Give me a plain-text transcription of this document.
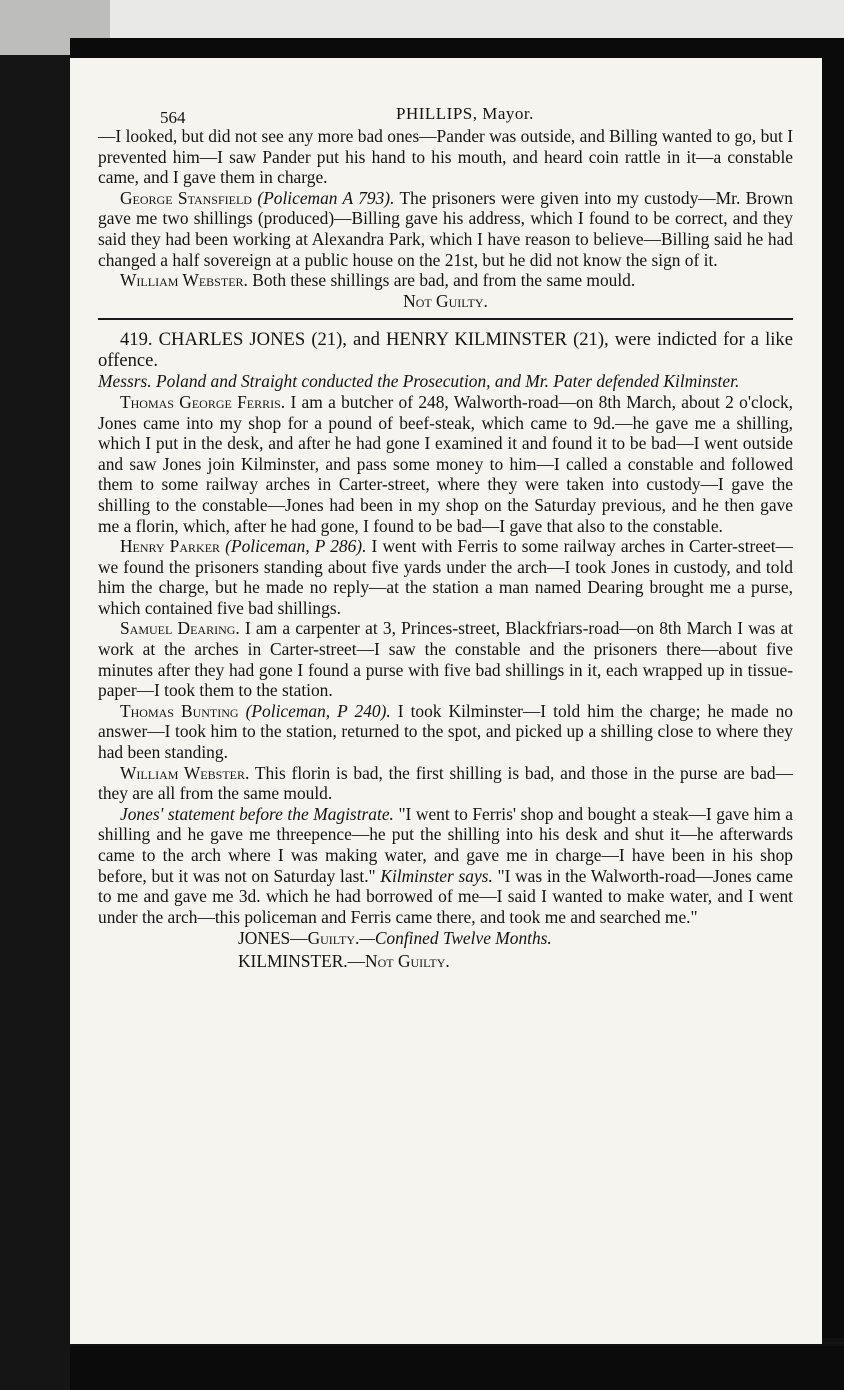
564	PHILLIPS, Mayor.

—I looked, but did not see any more bad ones—Pander was outside, and Billing wanted to go, but I prevented him—I saw Pander put his hand to his mouth, and heard coin rattle in it—a constable came, and I gave them in charge.

George Stansfield (Policeman A 793). The prisoners were given into my custody—Mr. Brown gave me two shillings (produced)—Billing gave his address, which I found to be correct, and they said they had been working at Alexandra Park, which I have reason to believe—Billing said he had changed a half sovereign at a public house on the 21st, but he did not know the sign of it.

William Webster. Both these shillings are bad, and from the same mould.

Not Guilty.

419. CHARLES JONES (21), and HENRY KILMINSTER (21), were indicted for a like offence.

Messrs. Poland and Straight conducted the Prosecution, and Mr. Pater defended Kilminster.

Thomas George Ferris. I am a butcher of 248, Walworth-road—on 8th March, about 2 o'clock, Jones came into my shop for a pound of beef-steak, which came to 9d.—he gave me a shilling, which I put in the desk, and after he had gone I examined it and found it to be bad—I went outside and saw Jones join Kilminster, and pass some money to him—I called a constable and followed them to some railway arches in Carter-street, where they were taken into custody—I gave the shilling to the constable—Jones had been in my shop on the Saturday previous, and he then gave me a florin, which, after he had gone, I found to be bad—I gave that also to the constable.

Henry Parker (Policeman, P 286). I went with Ferris to some railway arches in Carter-street—we found the prisoners standing about five yards under the arch—I took Jones in custody, and told him the charge, but he made no reply—at the station a man named Dearing brought me a purse, which contained five bad shillings.

Samuel Dearing. I am a carpenter at 3, Princes-street, Blackfriars-road—on 8th March I was at work at the arches in Carter-street—I saw the constable and the prisoners there—about five minutes after they had gone I found a purse with five bad shillings in it, each wrapped up in tissue-paper—I took them to the station.

Thomas Bunting (Policeman, P 240). I took Kilminster—I told him the charge; he made no answer—I took him to the station, returned to the spot, and picked up a shilling close to where they had been standing.

William Webster. This florin is bad, the first shilling is bad, and those in the purse are bad—they are all from the same mould.

Jones' statement before the Magistrate. "I went to Ferris' shop and bought a steak—I gave him a shilling and he gave me threepence—he put the shilling into his desk and shut it—he afterwards came to the arch where I was making water, and gave me in charge—I have been in his shop before, but it was not on Saturday last." Kilminster says. "I was in the Walworth-road—Jones came to me and gave me 3d. which he had borrowed of me—I said I wanted to make water, and I went under the arch—this policeman and Ferris came there, and took me and searched me."

JONES—Guilty.—Confined Twelve Months.
KILMINSTER.—Not Guilty.
